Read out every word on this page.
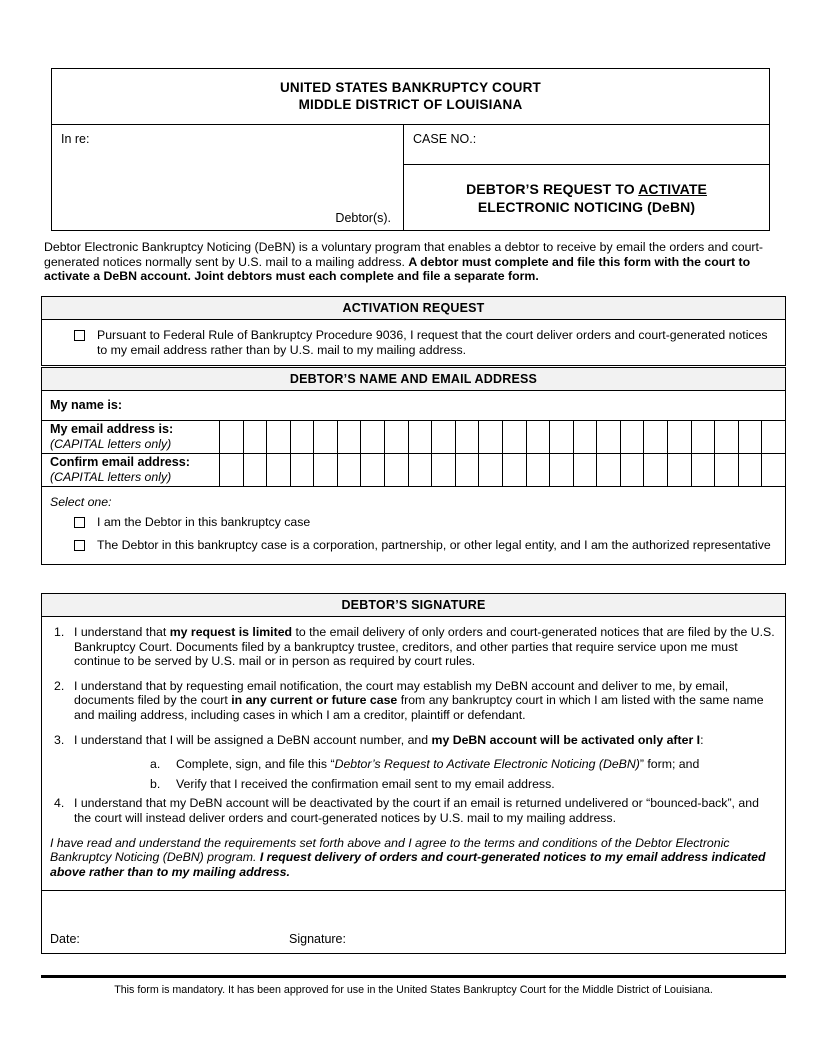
UNITED STATES BANKRUPTCY COURT
MIDDLE DISTRICT OF LOUISIANA
In re:
Debtor(s).
CASE NO.:
DEBTOR’S REQUEST TO ACTIVATE
ELECTRONIC NOTICING (DeBN)
Debtor Electronic Bankruptcy Noticing (DeBN) is a voluntary program that enables a debtor to receive by email the orders and court-generated notices normally sent by U.S. mail to a mailing address. A debtor must complete and file this form with the court to activate a DeBN account. Joint debtors must each complete and file a separate form.
ACTIVATION REQUEST
Pursuant to Federal Rule of Bankruptcy Procedure 9036, I request that the court deliver orders and court-generated notices to my email address rather than by U.S. mail to my mailing address.
DEBTOR’S NAME AND EMAIL ADDRESS
My name is:
My email address is:
(CAPITAL letters only)
Confirm email address:
(CAPITAL letters only)
Select one:
I am the Debtor in this bankruptcy case
The Debtor in this bankruptcy case is a corporation, partnership, or other legal entity, and I am the authorized representative
DEBTOR’S SIGNATURE
1. I understand that my request is limited to the email delivery of only orders and court-generated notices that are filed by the U.S. Bankruptcy Court. Documents filed by a bankruptcy trustee, creditors, and other parties that require service upon me must continue to be served by U.S. mail or in person as required by court rules.
2. I understand that by requesting email notification, the court may establish my DeBN account and deliver to me, by email, documents filed by the court in any current or future case from any bankruptcy court in which I am listed with the same name and mailing address, including cases in which I am a creditor, plaintiff or defendant.
3. I understand that I will be assigned a DeBN account number, and my DeBN account will be activated only after I:
a.	Complete, sign, and file this “Debtor’s Request to Activate Electronic Noticing (DeBN)” form; and
b.	Verify that I received the confirmation email sent to my email address.
4. I understand that my DeBN account will be deactivated by the court if an email is returned undelivered or “bounced-back”, and the court will instead deliver orders and court-generated notices by U.S. mail to my mailing address.
I have read and understand the requirements set forth above and I agree to the terms and conditions of the Debtor Electronic Bankruptcy Noticing (DeBN) program. I request delivery of orders and court-generated notices to my email address indicated above rather than to my mailing address.
Date:	Signature:
This form is mandatory. It has been approved for use in the United States Bankruptcy Court for the Middle District of Louisiana.
